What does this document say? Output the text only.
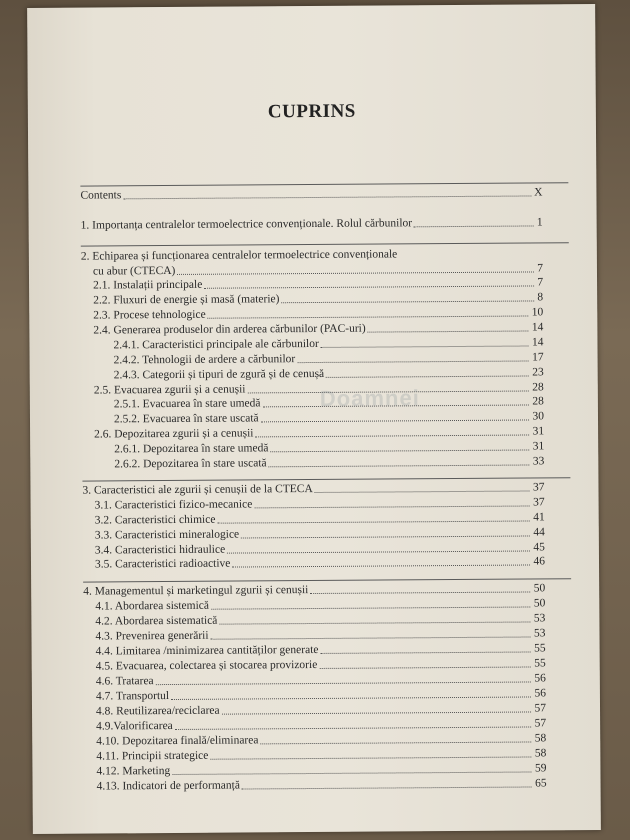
CUPRINS
Contents	X
1. Importanța centralelor termoelectrice convenționale. Rolul cărbunilor	1
2. Echiparea și funcționarea centralelor termoelectrice convenționale
cu abur (CTECA)	7
2.1. Instalații principale	7
2.2. Fluxuri de energie și masă (materie)	8
2.3. Procese tehnologice	10
2.4. Generarea produselor din arderea cărbunilor (PAC-uri)	14
2.4.1. Caracteristici principale ale cărbunilor	14
2.4.2. Tehnologii de ardere a cărbunilor	17
2.4.3. Categorii și tipuri de zgură și de cenușă	23
2.5. Evacuarea zgurii și a cenușii	28
2.5.1. Evacuarea în stare umedă	28
2.5.2. Evacuarea în stare uscată	30
2.6. Depozitarea zgurii și a cenușii	31
2.6.1. Depozitarea în stare umedă	31
2.6.2. Depozitarea în stare uscată	33
3. Caracteristici ale zgurii și cenușii de la CTECA	37
3.1. Caracteristici fizico-mecanice	37
3.2. Caracteristici chimice	41
3.3. Caracteristici mineralogice	44
3.4. Caracteristici hidraulice	45
3.5. Caracteristici radioactive	46
4. Managementul și marketingul zgurii și cenușii	50
4.1. Abordarea sistemică	50
4.2. Abordarea sistematică	53
4.3. Prevenirea generării	53
4.4. Limitarea /minimizarea cantităților generate	55
4.5. Evacuarea, colectarea și stocarea provizorie	55
4.6. Tratarea	56
4.7. Transportul	56
4.8. Reutilizarea/reciclarea	57
4.9.Valorificarea	57
4.10. Depozitarea finală/eliminarea	58
4.11. Principii strategice	58
4.12. Marketing	59
4.13. Indicatori de performanță	65
Doamnei
